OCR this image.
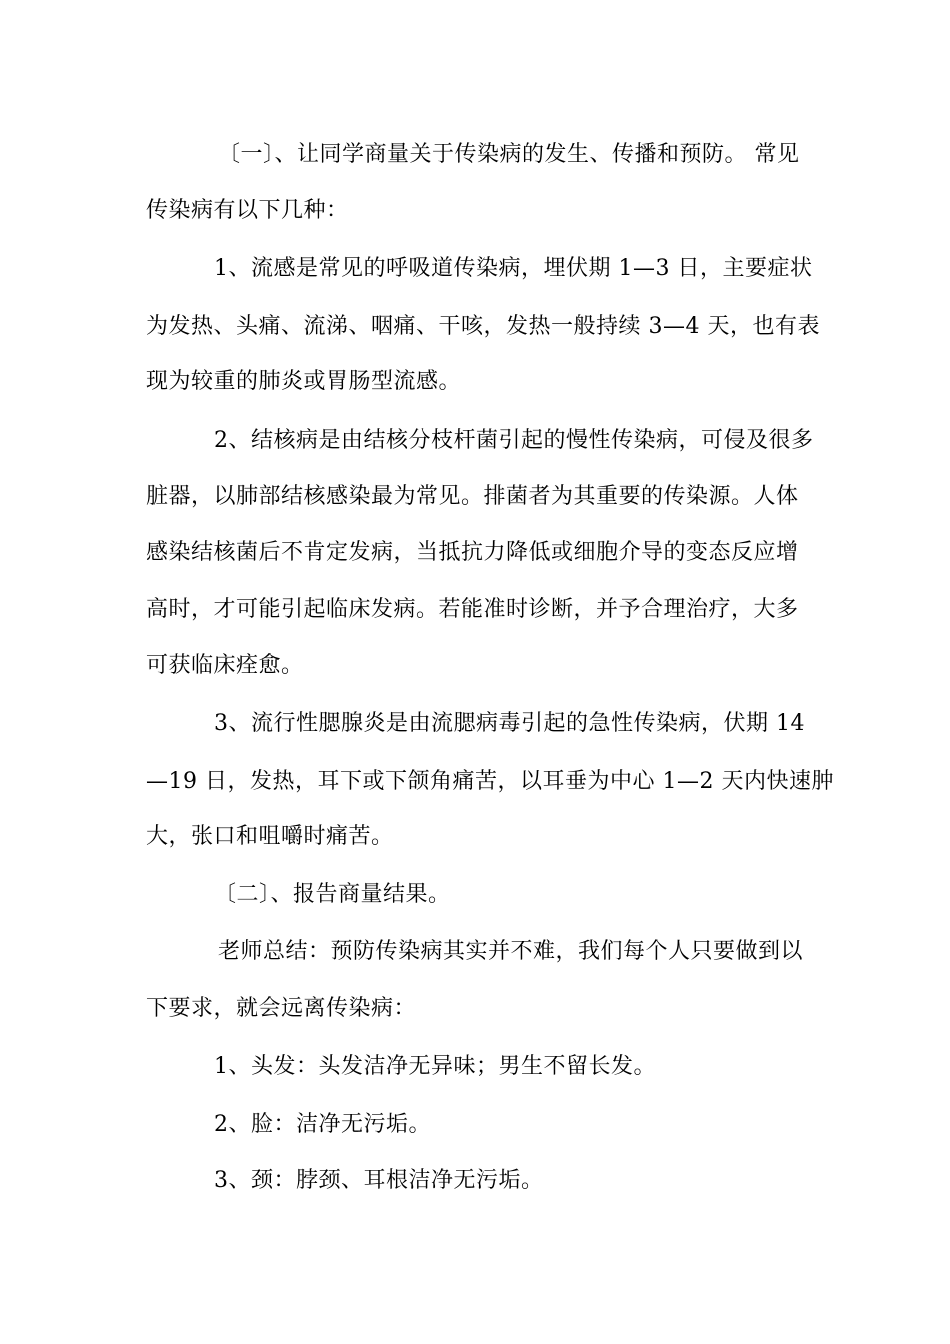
〔一〕、让同学商量关于传染病的发生、传播和预防。 常见
传染病有以下几种：
1、流感是常见的呼吸道传染病，埋伏期 1—3 日，主要症状
为发热、头痛、流涕、咽痛、干咳，发热一般持续 3—4 天，也有表
现为较重的肺炎或胃肠型流感。
2、结核病是由结核分枝杆菌引起的慢性传染病，可侵及很多
脏器，以肺部结核感染最为常见。排菌者为其重要的传染源。人体
感染结核菌后不肯定发病，当抵抗力降低或细胞介导的变态反应增
高时，才可能引起临床发病。若能准时诊断，并予合理治疗，大多
可获临床痊愈。
3、流行性腮腺炎是由流腮病毒引起的急性传染病，伏期 14
—19 日，发热，耳下或下颌角痛苦，以耳垂为中心 1—2 天内快速肿
大，张口和咀嚼时痛苦。
〔二〕、报告商量结果。
老师总结：预防传染病其实并不难，我们每个人只要做到以
下要求，就会远离传染病：
1、头发：头发洁净无异味；男生不留长发。
2、脸：洁净无污垢。
3、颈：脖颈、耳根洁净无污垢。
